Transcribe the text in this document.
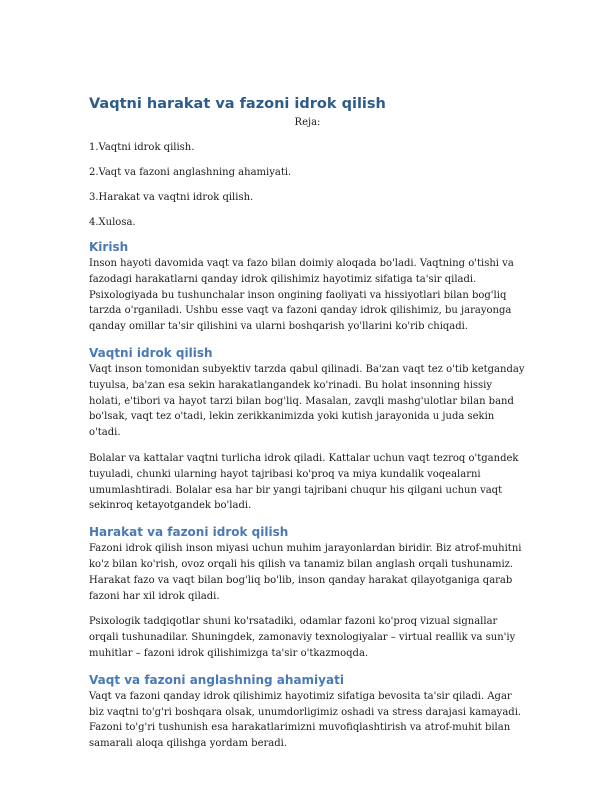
Vaqtni harakat va fazoni idrok qilish

Reja:

1.Vaqtni idrok qilish.

2.Vaqt va fazoni anglashning ahamiyati.

3.Harakat va vaqtni idrok qilish.

4.Xulosa.

Kirish

Inson hayoti davomida vaqt va fazo bilan doimiy aloqada bo'ladi. Vaqtning o'tishi va fazodagi harakatlarni qanday idrok qilishimiz hayotimiz sifatiga ta'sir qiladi. Psixologiyada bu tushunchalar inson ongining faoliyati va hissiyotlari bilan bog'liq tarzda o'rganiladi. Ushbu esse vaqt va fazoni qanday idrok qilishimiz, bu jarayonga qanday omillar ta'sir qilishini va ularni boshqarish yo'llarini ko'rib chiqadi.

Vaqtni idrok qilish

Vaqt inson tomonidan subyektiv tarzda qabul qilinadi. Ba'zan vaqt tez o'tib ketganday tuyulsa, ba'zan esa sekin harakatlangandek ko'rinadi. Bu holat insonning hissiy holati, e'tibori va hayot tarzi bilan bog'liq. Masalan, zavqli mashg'ulotlar bilan band bo'lsak, vaqt tez o'tadi, lekin zerikkanimizda yoki kutish jarayonida u juda sekin o'tadi.

Bolalar va kattalar vaqtni turlicha idrok qiladi. Kattalar uchun vaqt tezroq o'tgandek tuyuladi, chunki ularning hayot tajribasi ko'proq va miya kundalik voqealarni umumlashtiradi. Bolalar esa har bir yangi tajribani chuqur his qilgani uchun vaqt sekinroq ketayotgandek bo'ladi.

Harakat va fazoni idrok qilish

Fazoni idrok qilish inson miyasi uchun muhim jarayonlardan biridir. Biz atrof-muhitni ko'z bilan ko'rish, ovoz orqali his qilish va tanamiz bilan anglash orqali tushunamiz. Harakat fazo va vaqt bilan bog'liq bo'lib, inson qanday harakat qilayotganiga qarab fazoni har xil idrok qiladi.

Psixologik tadqiqotlar shuni ko'rsatadiki, odamlar fazoni ko'proq vizual signallar orqali tushunadilar. Shuningdek, zamonaviy texnologiyalar – virtual reallik va sun'iy muhitlar – fazoni idrok qilishimizga ta'sir o'tkazmoqda.

Vaqt va fazoni anglashning ahamiyati

Vaqt va fazoni qanday idrok qilishimiz hayotimiz sifatiga bevosita ta'sir qiladi. Agar biz vaqtni to'g'ri boshqara olsak, unumdorligimiz oshadi va stress darajasi kamayadi. Fazoni to'g'ri tushunish esa harakatlarimizni muvofiqlashtirish va atrof-muhit bilan samarali aloqa qilishga yordam beradi.
